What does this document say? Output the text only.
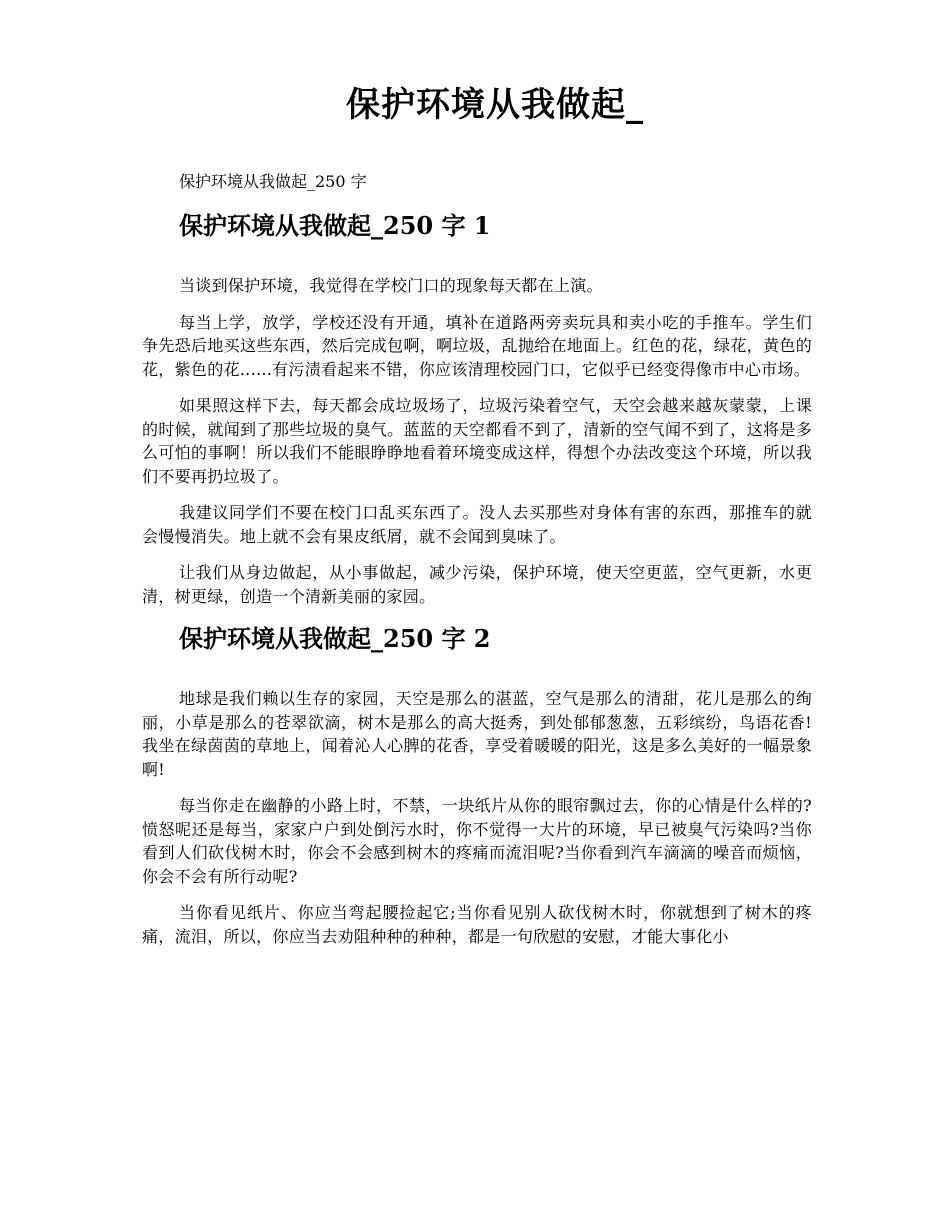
保护环境从我做起_

保护环境从我做起_250 字

保护环境从我做起_250 字 1

当谈到保护环境，我觉得在学校门口的现象每天都在上演。

每当上学，放学，学校还没有开通，填补在道路两旁卖玩具和卖小吃的手推车。学生们争先恐后地买这些东西，然后完成包啊，啊垃圾，乱抛给在地面上。红色的花，绿花，黄色的花，紫色的花......有污渍看起来不错，你应该清理校园门口，它似乎已经变得像市中心市场。

如果照这样下去，每天都会成垃圾场了，垃圾污染着空气，天空会越来越灰蒙蒙，上课的时候，就闻到了那些垃圾的臭气。蓝蓝的天空都看不到了，清新的空气闻不到了，这将是多么可怕的事啊！所以我们不能眼睁睁地看着环境变成这样，得想个办法改变这个环境，所以我们不要再扔垃圾了。

我建议同学们不要在校门口乱买东西了。没人去买那些对身体有害的东西，那推车的就会慢慢消失。地上就不会有果皮纸屑，就不会闻到臭味了。

让我们从身边做起，从小事做起，减少污染，保护环境，使天空更蓝，空气更新，水更清，树更绿，创造一个清新美丽的家园。

保护环境从我做起_250 字 2

地球是我们赖以生存的家园，天空是那么的湛蓝，空气是那么的清甜，花儿是那么的绚丽，小草是那么的苍翠欲滴，树木是那么的高大挺秀，到处郁郁葱葱，五彩缤纷，鸟语花香!我坐在绿茵茵的草地上，闻着沁人心脾的花香，享受着暖暖的阳光，这是多么美好的一幅景象啊!

每当你走在幽静的小路上时，不禁，一块纸片从你的眼帘飘过去，你的心情是什么样的?愤怒呢还是每当，家家户户到处倒污水时，你不觉得一大片的环境，早已被臭气污染吗?当你看到人们砍伐树木时，你会不会感到树木的疼痛而流泪呢?当你看到汽车滴滴的噪音而烦恼，你会不会有所行动呢?

当你看见纸片、你应当弯起腰捡起它;当你看见别人砍伐树木时，你就想到了树木的疼痛，流泪，所以，你应当去劝阻种种的种种，都是一句欣慰的安慰，才能大事化小
